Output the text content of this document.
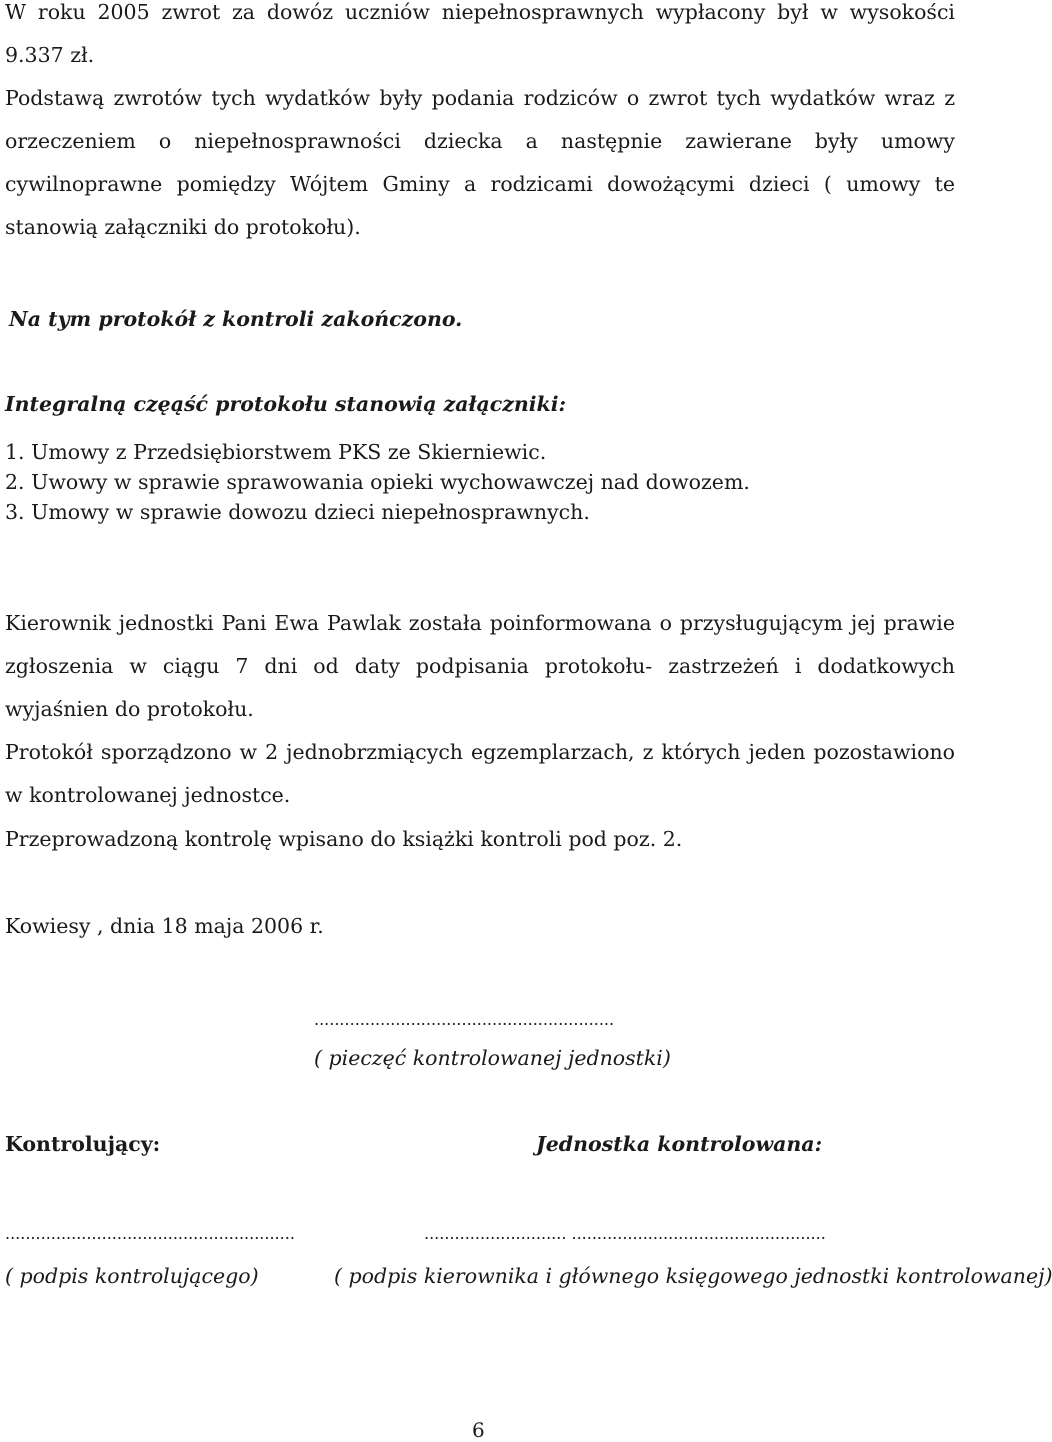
W roku 2005 zwrot za dowóz uczniów niepełnosprawnych wypłacony był w wysokości
9.337 zł.
Podstawą zwrotów tych wydatków były podania rodziców o zwrot tych wydatków wraz z
orzeczeniem o niepełnosprawności dziecka a następnie zawierane były umowy
cywilnoprawne pomiędzy Wójtem Gminy a rodzicami dowożącymi dzieci ( umowy te
stanowią załączniki do protokołu).
Na tym protokół z kontroli zakończono.
Integralną częąść protokołu stanowią załączniki:
1. Umowy z Przedsiębiorstwem PKS ze Skierniewic.
2. Uwowy w sprawie sprawowania opieki wychowawczej nad dowozem.
3. Umowy w sprawie dowozu dzieci niepełnosprawnych.

Kierownik jednostki Pani Ewa Pawlak została poinformowana o przysługującym jej prawie zgłoszenia w ciągu 7 dni od daty podpisania protokołu- zastrzeżeń i dodatkowych wyjaśnien do protokołu.

Protokół sporządzono w 2 jednobrzmiących egzemplarzach, z których jeden pozostawiono w kontrolowanej jednostce.

Przeprowadzoną kontrolę wpisano do książki kontroli pod poz. 2.

Kowiesy , dnia 18 maja 2006 r.

...........................................................
( pieczęć kontrolowanej jednostki)
Kontrolujący:	Jednostka kontrolowana:
.........................................................	............................ ..................................................
( podpis kontrolującego)	( podpis kierownika i głównego księgowego jednostki kontrolowanej)
6
